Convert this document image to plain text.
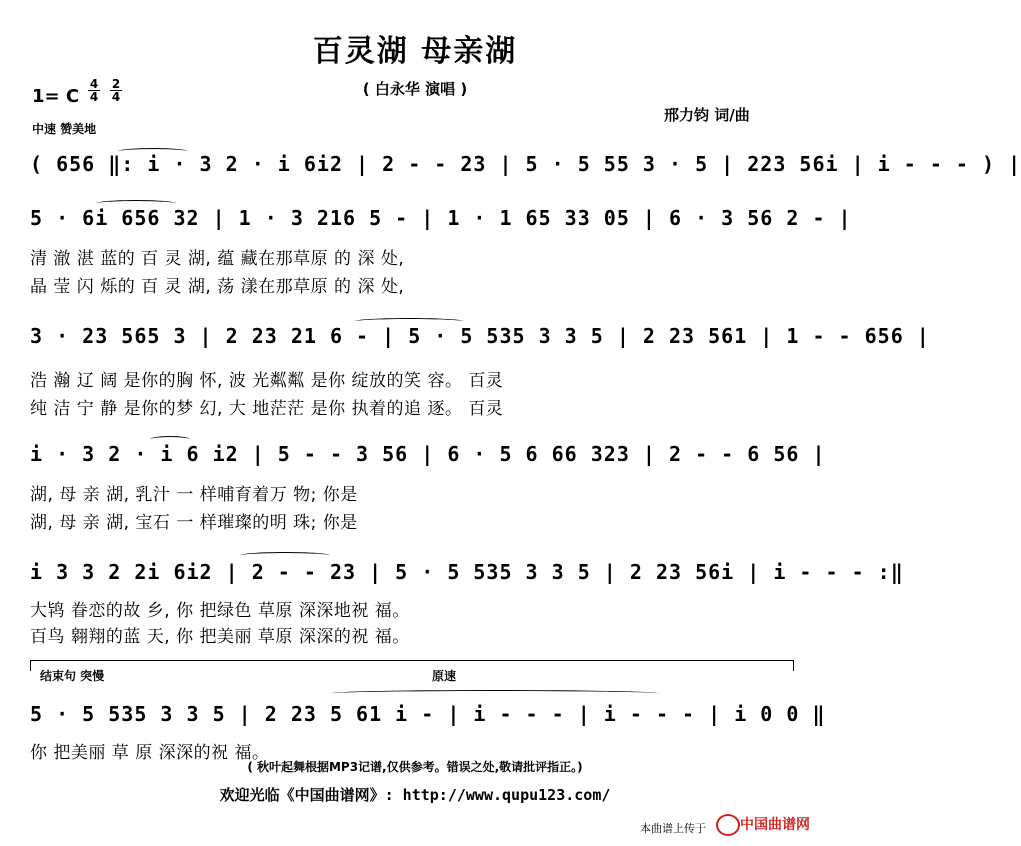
百灵湖 母亲湖
( 白永华 演唱 )
邢力钧 词/曲
1= C
4
4
2
4
中速 赞美地
( 656 ‖: i · 3 2 · i 6i2 | 2 - - 23 | 5 · 5 55 3 · 5 | 223 56i | i - - - ) |
5 · 6i 656 32 | 1 · 3 216 5 - | 1 · 1 65 33 05 | 6 · 3 56 2 - |
清 澈 湛 蓝的 百 灵 湖, 蕴 藏在那草原 的 深 处,
晶 莹 闪 烁的 百 灵 湖, 荡 漾在那草原 的 深 处,
3 · 23 565 3 | 2 23 21 6 - | 5 · 5 535 3 3 5 | 2 23 561 | 1 - - 656 |
浩 瀚 辽 阔 是你的胸 怀, 波 光粼粼 是你 绽放的笑 容。 百灵
纯 洁 宁 静 是你的梦 幻, 大 地茫茫 是你 执着的追 逐。 百灵
i · 3 2 · i 6 i2 | 5 - - 3 56 | 6 · 5 6 66 323 | 2 - - 6 56 |
湖, 母 亲 湖, 乳汁 一 样哺育着万 物; 你是
湖, 母 亲 湖, 宝石 一 样璀璨的明 珠; 你是
i 3 3 2 2i 6i2 | 2 - - 23 | 5 · 5 535 3 3 5 | 2 23 56i | i - - - :‖
大鸨 眷恋的故 乡, 你 把绿色 草原 深深地祝 福。
百鸟 翱翔的蓝 天, 你 把美丽 草原 深深的祝 福。
结束句 突慢	原速
5 · 5 535 3 3 5 | 2 23 5 61 i - | i - - - | i - - - | i 0 0 ‖
你 把美丽 草 原 深深的祝 福。
( 秋叶起舞根据MP3记谱,仅供参考。错误之处,敬请批评指正。)
欢迎光临《中国曲谱网》: http://www.qupu123.com/
本曲谱上传于 中国曲谱网
